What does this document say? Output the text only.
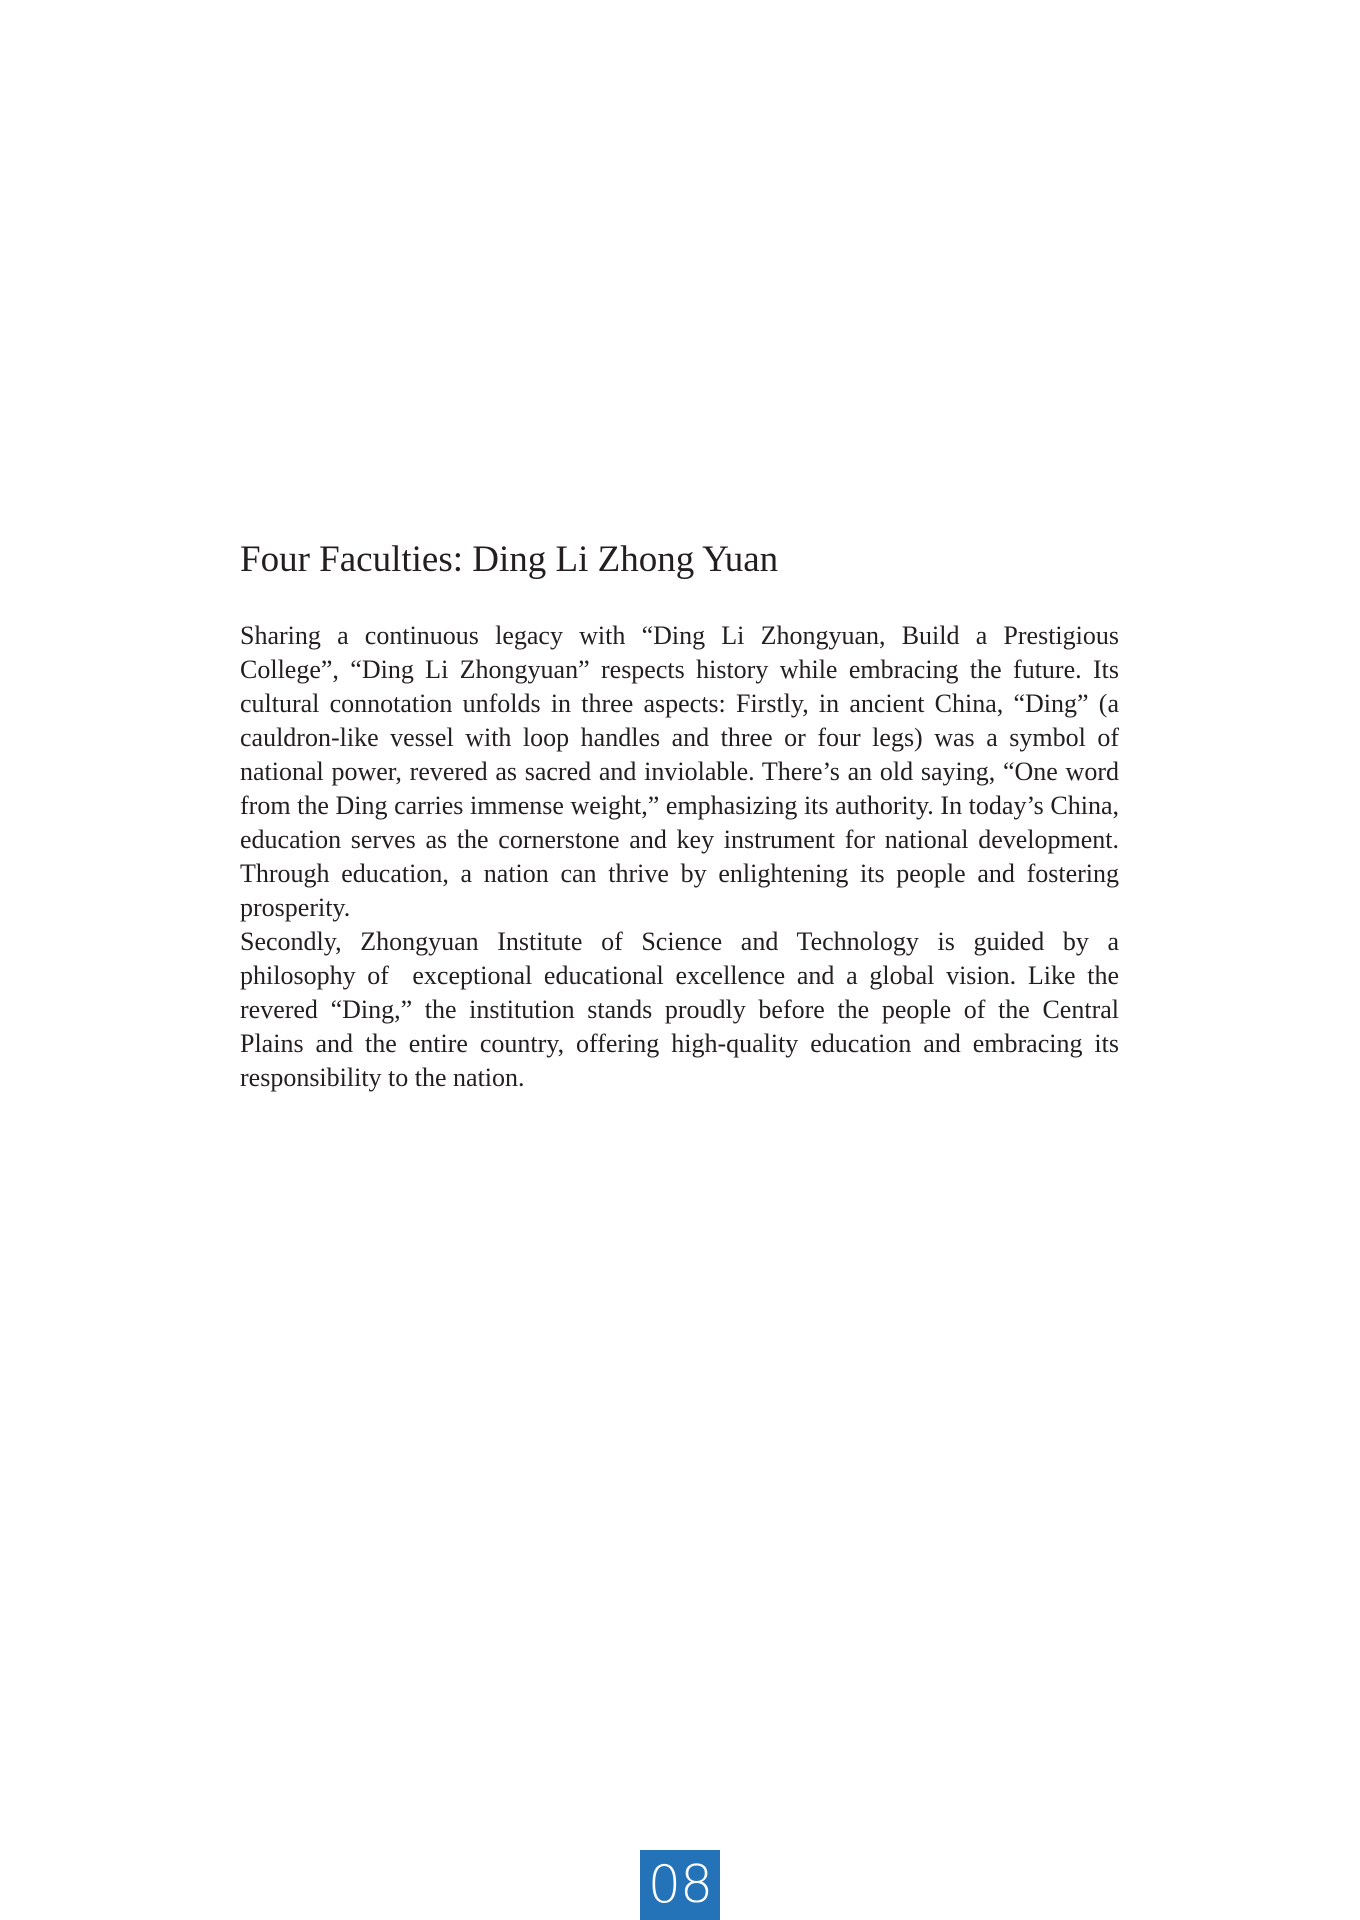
Four Faculties: Ding Li Zhong Yuan

Sharing a continuous legacy with “Ding Li Zhongyuan, Build a Prestigious College”, “Ding Li Zhongyuan” respects history while embracing the future. Its cultural connotation unfolds in three aspects: Firstly, in ancient China, “Ding” (a cauldron-like vessel with loop handles and three or four legs) was a symbol of national power, revered as sacred and inviolable. There’s an old saying, “One word from the Ding carries immense weight,” emphasizing its authority. In today’s China, education serves as the cornerstone and key instrument for national development. Through education, a nation can thrive by enlightening its people and fostering prosperity.

Secondly, Zhongyuan Institute of Science and Technology is guided by a philosophy of  exceptional educational excellence and a global vision. Like the revered “Ding,” the institution stands proudly before the people of the Central Plains and the entire country, offering high-quality education and embracing its responsibility to the nation.

08
